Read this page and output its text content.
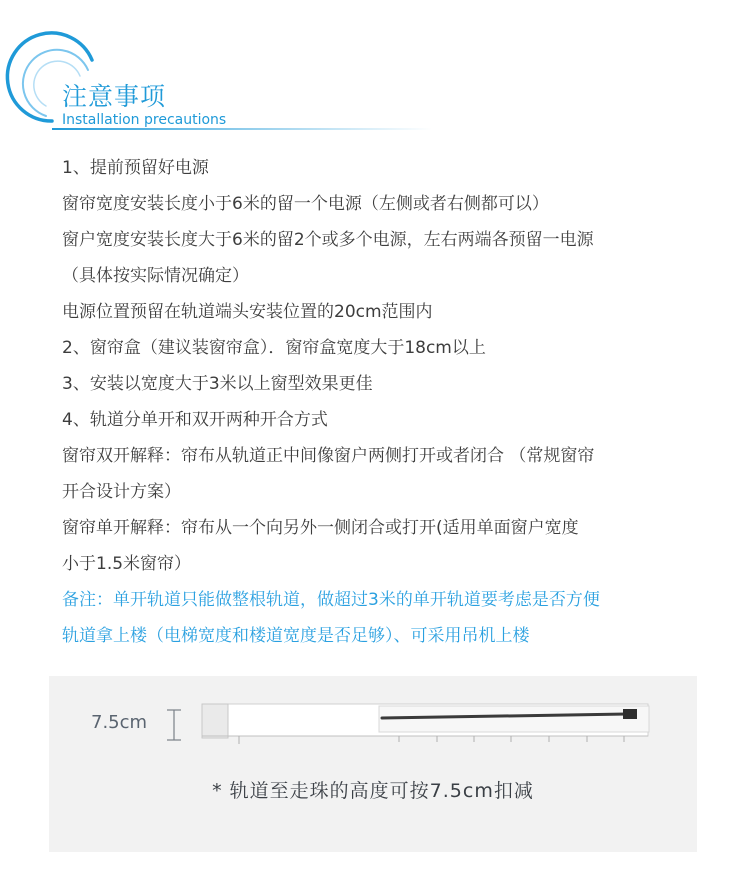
注意事项
Installation precautions
1、提前预留好电源
窗帘宽度安装长度小于6米的留一个电源（左侧或者右侧都可以）
窗户宽度安装长度大于6米的留2个或多个电源，左右两端各预留一电源
（具体按实际情况确定）
电源位置预留在轨道端头安装位置的20cm范围内
2、窗帘盒（建议装窗帘盒）．窗帘盒宽度大于18cm以上
3、安装以宽度大于3米以上窗型效果更佳
4、轨道分单开和双开两种开合方式
窗帘双开解释：帘布从轨道正中间像窗户两侧打开或者闭合 （常规窗帘
开合设计方案）
窗帘单开解释：帘布从一个向另外一侧闭合或打开(适用单面窗户宽度
小于1.5米窗帘）
备注：单开轨道只能做整根轨道，做超过3米的单开轨道要考虑是否方便
轨道拿上楼（电梯宽度和楼道宽度是否足够）、可采用吊机上楼
7.5cm
* 轨道至走珠的高度可按7.5cm扣减
